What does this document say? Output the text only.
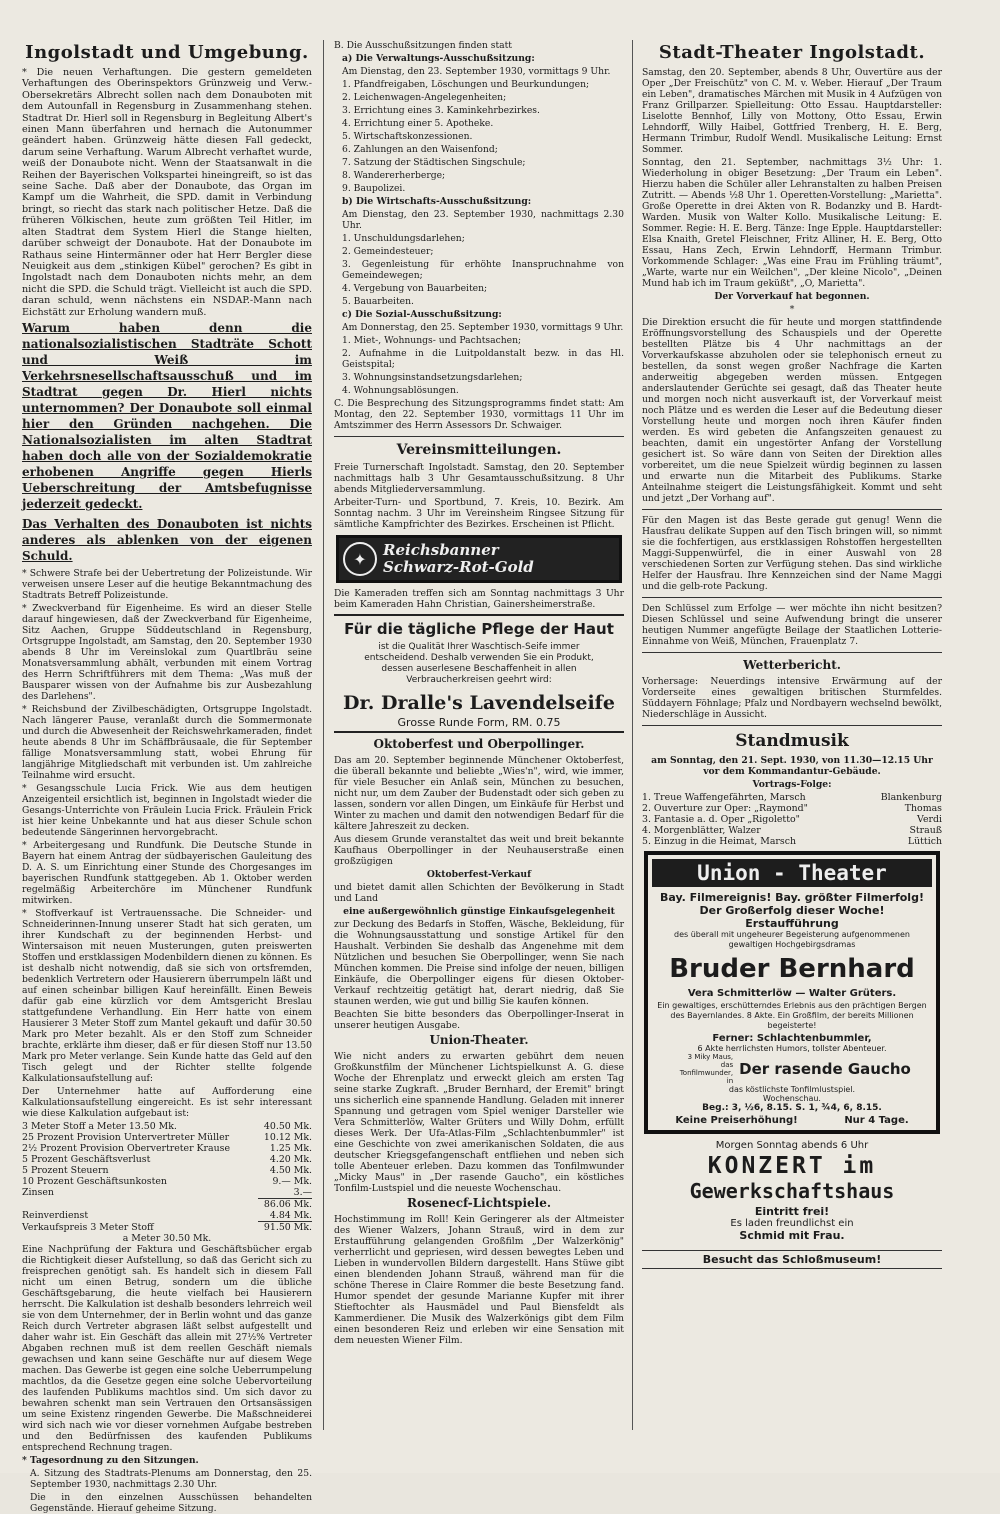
Ingolstadt und Umgebung.

* Die neuen Verhaftungen. Die gestern gemeldeten Verhaftungen des Oberinspektors Grünzweig und Verw.-Obersekretärs Albrecht sollen nach dem Donauboten mit dem Autounfall in Regensburg in Zusammenhang stehen. Stadtrat Dr. Hierl soll in Regensburg in Begleitung Albert's einen Mann überfahren und hernach die Autonummer geändert haben. Grünzweig hätte diesen Fall gedeckt, darum seine Verhaftung. Warum Albrecht verhaftet wurde, weiß der Donaubote nicht. Wenn der Staatsanwalt in die Reihen der Bayerischen Volkspartei hineingreift, so ist das seine Sache. Daß aber der Donaubote, das Organ im Kampf um die Wahrheit, die SPD. damit in Verbindung bringt, so riecht das stark nach politischer Hetze. Daß die früheren Völkischen, heute zum größten Teil Hitler, im alten Stadtrat dem System Hierl die Stange hielten, darüber schweigt der Donaubote. Hat der Donaubote im Rathaus seine Hintermänner oder hat Herr Bergler diese Neuigkeit aus dem „stinkigen Kübel" gerochen? Es gibt in Ingolstadt nach dem Donauboten nichts mehr, an dem nicht die SPD. die Schuld trägt. Vielleicht ist auch die SPD. daran schuld, wenn nächstens ein NSDAP.-Mann nach Eichstätt zur Erholung wandern muß.

Warum haben denn die nationalsozialistischen Stadträte Schott und Weiß im Verkehrsnesellschaftsausschuß und im Stadtrat gegen Dr. Hierl nichts unternommen? Der Donaubote soll einmal hier den Gründen nachgehen. Die Nationalsozialisten im alten Stadtrat haben doch alle von der Sozialdemokratie erhobenen Angriffe gegen Hierls Ueberschreitung der Amtsbefugnisse jederzeit gedeckt.

Das Verhalten des Donauboten ist nichts anderes als ablenken von der eigenen Schuld.

* Schwere Strafe bei der Uebertretung der Polizeistunde. Wir verweisen unsere Leser auf die heutige Bekanntmachung des Stadtrats Betreff Polizeistunde.

* Zweckverband für Eigenheime. Es wird an dieser Stelle darauf hingewiesen, daß der Zweckverband für Eigenheime, Sitz Aachen, Gruppe Süddeutschland in Regensburg, Ortsgruppe Ingolstadt, am Samstag, den 20. September 1930 abends 8 Uhr im Vereinslokal zum Quartlbräu seine Monatsversammlung abhält, verbunden mit einem Vortrag des Herrn Schriftführers mit dem Thema: „Was muß der Bausparer wissen von der Aufnahme bis zur Ausbezahlung des Darlehens".

* Reichsbund der Zivilbeschädigten, Ortsgruppe Ingolstadt. Nach längerer Pause, veranlaßt durch die Sommermonate und durch die Abwesenheit der Reichswehrkameraden, findet heute abends 8 Uhr im Schäffbräusaale, die für September fällige Monatsversammlung statt, wobei Ehrung für langjährige Mitgliedschaft mit verbunden ist. Um zahlreiche Teilnahme wird ersucht.

* Gesangsschule Lucia Frick. Wie aus dem heutigen Anzeigenteil ersichtlich ist, beginnen in Ingolstadt wieder die Gesangs-Unterrichte von Fräulein Lucia Frick. Fräulein Frick ist hier keine Unbekannte und hat aus dieser Schule schon bedeutende Sängerinnen hervorgebracht.

* Arbeitergesang und Rundfunk. Die Deutsche Stunde in Bayern hat einem Antrag der südbayerischen Gauleitung des D. A. S. um Einrichtung einer Stunde des Chorgesanges im bayerischen Rundfunk stattgegeben. Ab 1. Oktober werden regelmäßig Arbeiterchöre im Münchener Rundfunk mitwirken.

* Stoffverkauf ist Vertrauenssache. Die Schneider- und Schneiderinnen-Innung unserer Stadt hat sich geraten, um ihrer Kundschaft zu der beginnenden Herbst- und Wintersaison mit neuen Musterungen, guten preiswerten Stoffen und erstklassigen Modenbildern dienen zu können. Es ist deshalb nicht notwendig, daß sie sich von ortsfremden, bedenklich Vertretern oder Hausierern überrumpeln läßt und auf einen scheinbar billigen Kauf hereinfällt. Einen Beweis dafür gab eine kürzlich vor dem Amtsgericht Breslau stattgefundene Verhandlung. Ein Herr hatte von einem Hausierer 3 Meter Stoff zum Mantel gekauft und dafür 30.50 Mark pro Meter bezahlt. Als er den Stoff zum Schneider brachte, erklärte ihm dieser, daß er für diesen Stoff nur 13.50 Mark pro Meter verlange. Sein Kunde hatte das Geld auf den Tisch gelegt und der Richter stellte folgende Kalkulationsaufstellung auf:

Der Unternehmer hatte auf Aufforderung eine Kalkulationsaufstellung eingereicht. Es ist sehr interessant wie diese Kalkulation aufgebaut ist:

3 Meter Stoff a Meter 13.50 Mk.	40.50 Mk.
25 Prozent Provision Untervertreter Müller	10.12 Mk.
2½ Prozent Provision Obervertreter Krause	1.25 Mk.
5 Prozent Geschäftsverlust	4.20 Mk.
5 Prozent Steuern	4.50 Mk.
10 Prozent Geschäftsunkosten	9.— Mk.
Zinsen	3.—
	86.06 Mk.
Reinverdienst	4.84 Mk.
Verkaufspreis 3 Meter Stoff	91.50 Mk.
a Meter 30.50 Mk.	

Eine Nachprüfung der Faktura und Geschäftsbücher ergab die Richtigkeit dieser Aufstellung, so daß das Gericht sich zu freisprechen genötigt sah. Es handelt sich in diesem Fall nicht um einen Betrug, sondern um die übliche Geschäftsgebarung, die heute vielfach bei Hausierern herrscht. Die Kalkulation ist deshalb besonders lehrreich weil sie von dem Unternehmer, der in Berlin wohnt und das ganze Reich durch Vertreter abgrasen läßt selbst aufgestellt und daher wahr ist. Ein Geschäft das allein mit 27½% Vertreter Abgaben rechnen muß ist dem reellen Geschäft niemals gewachsen und kann seine Geschäfte nur auf diesem Wege machen. Das Gewerbe ist gegen eine solche Ueberrumpelung machtlos, da die Gesetze gegen eine solche Uebervorteilung des laufenden Publikums machtlos sind. Um sich davor zu bewahren schenkt man sein Vertrauen den Ortsansässigen um seine Existenz ringenden Gewerbe. Die Maßschneiderei wird sich nach wie vor dieser vornehmen Aufgabe bestreben und den Bedürfnissen des kaufenden Publikums entsprechend Rechnung tragen.

* Tagesordnung zu den Sitzungen.

A. Sitzung des Stadtrats-Plenums am Donnerstag, den 25. September 1930, nachmittags 2.30 Uhr.

Die in den einzelnen Ausschüssen behandelten Gegenstände. Hierauf geheime Sitzung.

B. Die Ausschußsitzungen finden statt

a) Die Verwaltungs-Ausschußsitzung:

Am Dienstag, den 23. September 1930, vormittags 9 Uhr.

1. Pfandfreigaben, Löschungen und Beurkundungen;

2. Leichenwagen-Angelegenheiten;

3. Errichtung eines 3. Kaminkehrbezirkes.

4. Errichtung einer 5. Apotheke.

5. Wirtschaftskonzessionen.

6. Zahlungen an den Waisenfond;

7. Satzung der Städtischen Singschule;

8. Wandererherberge;

9. Baupolizei.

b) Die Wirtschafts-Ausschußsitzung:

Am Dienstag, den 23. September 1930, nachmittags 2.30 Uhr.

1. Unschuldungsdarlehen;

2. Gemeindesteuer;

3. Gegenleistung für erhöhte Inanspruchnahme von Gemeindewegen;

4. Vergebung von Bauarbeiten;

5. Bauarbeiten.

c) Die Sozial-Ausschußsitzung:

Am Donnerstag, den 25. September 1930, vormittags 9 Uhr.

1. Miet-, Wohnungs- und Pachtsachen;

2. Aufnahme in die Luitpoldanstalt bezw. in das Hl. Geistspital;

3. Wohnungsinstandsetzungsdarlehen;

4. Wohnungsablösungen.

C. Die Besprechung des Sitzungsprogramms findet statt: Am Montag, den 22. September 1930, vormittags 11 Uhr im Amtszimmer des Herrn Assessors Dr. Schwaiger.

Vereinsmitteilungen.

Freie Turnerschaft Ingolstadt. Samstag, den 20. September nachmittags halb 3 Uhr Gesamtausschußsitzung. 8 Uhr abends Mitgliederversammlung.

Arbeiter-Turn- und Sportbund, 7. Kreis, 10. Bezirk. Am Sonntag nachm. 3 Uhr im Vereinsheim Ringsee Sitzung für sämtliche Kampfrichter des Bezirkes. Erscheinen ist Pflicht.

✦	Reichsbanner
Schwarz-Rot-Gold

Die Kameraden treffen sich am Sonntag nachmittags 3 Uhr beim Kameraden Hahn Christian, Gainersheimerstraße.

Für die tägliche Pflege der Haut

ist die Qualität Ihrer Waschtisch-Seife immer entscheidend. Deshalb verwenden Sie ein Produkt, dessen auserlesene Beschaffenheit in allen Verbraucherkreisen geehrt wird:

Dr. Dralle's Lavendelseife
Grosse Runde Form, RM. 0.75
Oktoberfest und Oberpollinger.

Das am 20. September beginnende Münchener Oktoberfest, die überall bekannte und beliebte „Wies'n", wird, wie immer, für viele Besucher ein Anlaß sein, München zu besuchen, nicht nur, um dem Zauber der Budenstadt oder sich geben zu lassen, sondern vor allen Dingen, um Einkäufe für Herbst und Winter zu machen und damit den notwendigen Bedarf für die kältere Jahreszeit zu decken.

Aus diesem Grunde veranstaltet das weit und breit bekannte Kaufhaus Oberpollinger in der Neuhauserstraße einen großzügigen

Oktoberfest-Verkauf

und bietet damit allen Schichten der Bevölkerung in Stadt und Land

eine außergewöhnlich günstige Einkaufsgelegenheit

zur Deckung des Bedarfs in Stoffen, Wäsche, Bekleidung, für die Wohnungsausstattung und sonstige Artikel für den Haushalt. Verbinden Sie deshalb das Angenehme mit dem Nützlichen und besuchen Sie Oberpollinger, wenn Sie nach München kommen. Die Preise sind infolge der neuen, billigen Einkäufe, die Oberpollinger eigens für diesen Oktober-Verkauf rechtzeitig getätigt hat, derart niedrig, daß Sie staunen werden, wie gut und billig Sie kaufen können.

Beachten Sie bitte besonders das Oberpollinger-Inserat in unserer heutigen Ausgabe.

Union-Theater.

Wie nicht anders zu erwarten gebührt dem neuen Großkunstfilm der Münchener Lichtspielkunst A. G. diese Woche der Ehrenplatz und erweckt gleich am ersten Tag seine starke Zugkraft. „Bruder Bernhard, der Eremit" bringt uns sicherlich eine spannende Handlung. Geladen mit innerer Spannung und getragen vom Spiel weniger Darsteller wie Vera Schmitterlöw, Walter Grüters und Willy Dohm, erfüllt dieses Werk. Der Ufa-Atlas-Film „Schlachtenbummler" ist eine Geschichte von zwei amerikanischen Soldaten, die aus deutscher Kriegsgefangenschaft entfliehen und neben sich tolle Abenteuer erleben. Dazu kommen das Tonfilmwunder „Micky Maus" in „Der rasende Gaucho", ein köstliches Tonfilm-Lustspiel und die neueste Wochenschau.

Rosenecf-Lichtspiele.

Hochstimmung im Roll! Kein Geringerer als der Altmeister des Wiener Walzers, Johann Strauß, wird in dem zur Erstaufführung gelangenden Großfilm „Der Walzerkönig" verherrlicht und gepriesen, wird dessen bewegtes Leben und Lieben in wundervollen Bildern dargestellt. Hans Stüwe gibt einen blendenden Johann Strauß, während man für die schöne Therese in Claire Rommer die beste Besetzung fand. Humor spendet der gesunde Marianne Kupfer mit ihrer Stieftochter als Hausmädel und Paul Biensfeldt als Kammerdiener. Die Musik des Walzerkönigs gibt dem Film einen besonderen Reiz und erleben wir eine Sensation mit dem neuesten Wiener Film.

Stadt-Theater Ingolstadt.

Samstag, den 20. September, abends 8 Uhr, Ouvertüre aus der Oper „Der Freischütz" von C. M. v. Weber. Hierauf „Der Traum ein Leben", dramatisches Märchen mit Musik in 4 Aufzügen von Franz Grillparzer. Spielleitung: Otto Essau. Hauptdarsteller: Liselotte Bennhof, Lilly von Mottony, Otto Essau, Erwin Lehndorff, Willy Haibel, Gottfried Trenberg, H. E. Berg, Hermann Trimbur, Rudolf Wendl. Musikalische Leitung: Ernst Sommer.

Sonntag, den 21. September, nachmittags 3½ Uhr: 1. Wiederholung in obiger Besetzung: „Der Traum ein Leben". Hierzu haben die Schüler aller Lehranstalten zu halben Preisen Zutritt. — Abends ½8 Uhr 1. Operetten-Vorstellung: „Marietta". Große Operette in drei Akten von R. Bodanzky und B. Hardt-Warden. Musik von Walter Kollo. Musikalische Leitung: E. Sommer. Regie: H. E. Berg. Tänze: Inge Epple. Hauptdarsteller: Elsa Knaith, Gretel Fleischner, Fritz Alliner, H. E. Berg, Otto Essau, Hans Zech, Erwin Lehndorff, Hermann Trimbur. Vorkommende Schlager: „Was eine Frau im Frühling träumt", „Warte, warte nur ein Weilchen", „Der kleine Nicolo", „Deinen Mund hab ich im Traum geküßt", „O, Marietta".

Der Vorverkauf hat begonnen.

*

Die Direktion ersucht die für heute und morgen stattfindende Eröffnungsvorstellung des Schauspiels und der Operette bestellten Plätze bis 4 Uhr nachmittags an der Vorverkaufskasse abzuholen oder sie telephonisch erneut zu bestellen, da sonst wegen großer Nachfrage die Karten anderweitig abgegeben werden müssen. Entgegen anderslautender Gerüchte sei gesagt, daß das Theater heute und morgen noch nicht ausverkauft ist, der Vorverkauf meist noch Plätze und es werden die Leser auf die Bedeutung dieser Vorstellung heute und morgen noch ihren Käufer finden werden. Es wird gebeten die Anfangszeiten genauest zu beachten, damit ein ungestörter Anfang der Vorstellung gesichert ist. So wäre dann von Seiten der Direktion alles vorbereitet, um die neue Spielzeit würdig beginnen zu lassen und erwarte nun die Mitarbeit des Publikums. Starke Anteilnahme steigert die Leistungsfähigkeit. Kommt und seht und jetzt „Der Vorhang auf".

Für den Magen ist das Beste gerade gut genug! Wenn die Hausfrau delikate Suppen auf den Tisch bringen will, so nimmt sie die fochfertigen, aus erstklassigen Rohstoffen hergestellten Maggi-Suppenwürfel, die in einer Auswahl von 28 verschiedenen Sorten zur Verfügung stehen. Das sind wirkliche Helfer der Hausfrau. Ihre Kennzeichen sind der Name Maggi und die gelb-rote Packung.

Den Schlüssel zum Erfolge — wer möchte ihn nicht besitzen? Diesen Schlüssel und seine Aufwendung bringt die unserer heutigen Nummer angefügte Beilage der Staatlichen Lotterie-Einnahme von Weiß, München, Frauenplatz 7.

Wetterbericht.

Vorhersage: Neuerdings intensive Erwärmung auf der Vorderseite eines gewaltigen britischen Sturmfeldes. Süddayern Föhnlage; Pfalz und Nordbayern wechselnd bewölkt, Niederschläge in Aussicht.

Standmusik

am Sonntag, den 21. Sept. 1930, von 11.30—12.15 Uhr vor dem Kommandantur-Gebäude.

Vortrags-Folge:

1. Treue Waffengefährten, Marsch	Blankenburg
2. Ouverture zur Oper: „Raymond"	Thomas
3. Fantasie a. d. Oper „Rigoletto"	Verdi
4. Morgenblätter, Walzer	Strauß
5. Einzug in die Heimat, Marsch	Lüttich
Union - Theater
Bay. Filmereignis! Bay. größter Filmerfolg!
Der Großerfolg dieser Woche! Erstaufführung
des überall mit ungeheurer Begeisterung aufgenommenen gewaltigen Hochgebirgsdramas
Bruder Bernhard
Vera Schmitterlöw — Walter Grüters.
Ein gewaltiges, erschütterndes Erlebnis aus den prächtigen Bergen des Bayernlandes. 8 Akte. Ein Großfilm, der bereits Millionen begeisterte!
Ferner: Schlachtenbummler,
6 Akte herrlichsten Humors, tollster Abenteuer.
3 Miky Maus, das Tonfilmwunder, in
Der rasende Gaucho
das köstlichste Tonfilmlustspiel.
Wochenschau.
Beg.: 3, ½6, 8.15. S. 1, ¾4, 6, 8.15.
Keine Preiserhöhung!	Nur 4 Tage.
Morgen Sonntag abends 6 Uhr
KONZERT im
Gewerkschaftshaus
Eintritt frei!
Es laden freundlichst ein
Schmid mit Frau.
Besucht das Schloßmuseum!
